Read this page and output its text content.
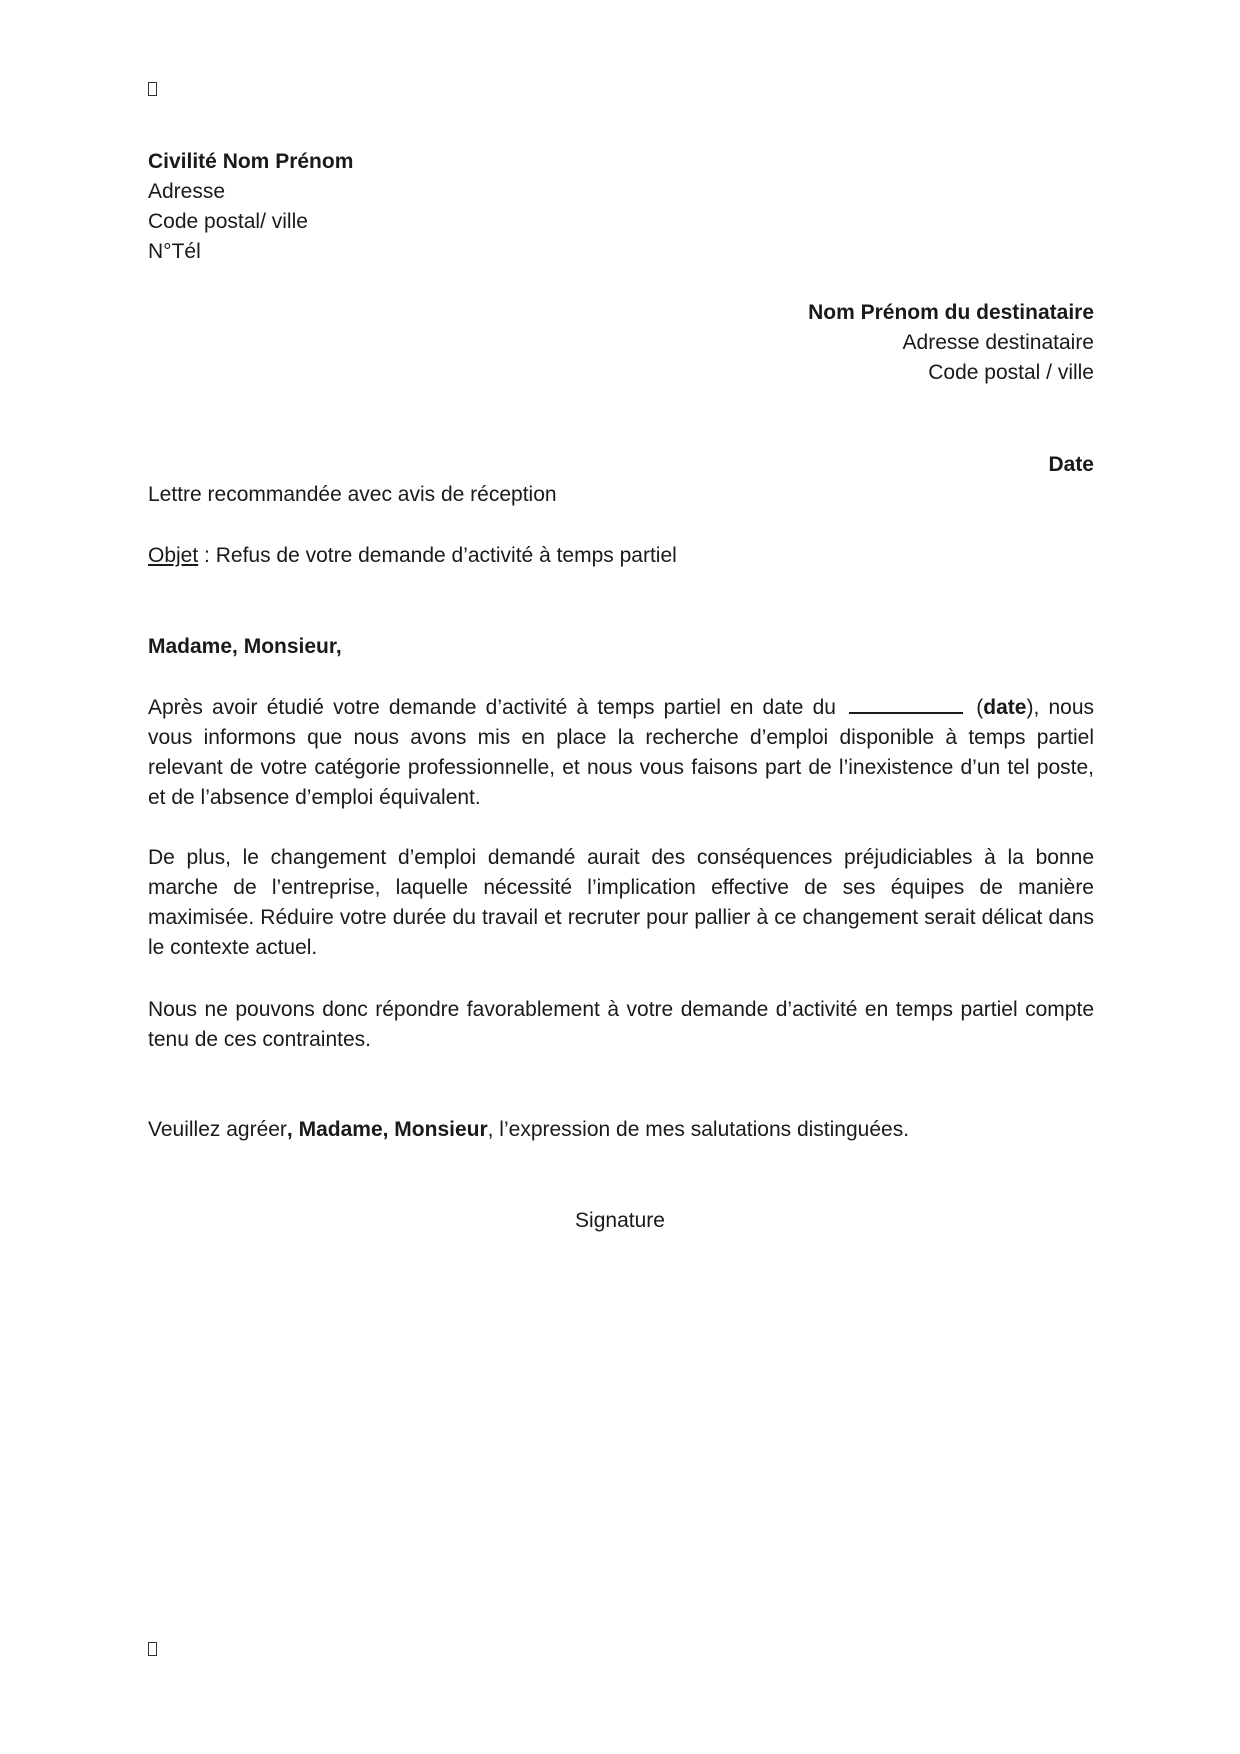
Civilité Nom Prénom
Adresse
Code postal/ ville
N°Tél
Nom Prénom du destinataire
Adresse destinataire
Code postal / ville
Date
Lettre recommandée avec avis de réception
Objet : Refus de votre demande d’activité à temps partiel
Madame, Monsieur,
Après avoir étudié votre demande d’activité à temps partiel en date du	(date), nous vous informons que nous avons mis en place la recherche d’emploi disponible à temps partiel relevant de votre catégorie professionnelle, et nous vous faisons part de l’inexistence d’un tel poste, et de l’absence d’emploi équivalent.
De plus, le changement d’emploi demandé aurait des conséquences préjudiciables à la bonne marche de l’entreprise, laquelle nécessité l’implication effective de ses équipes de manière maximisée. Réduire votre durée du travail et recruter pour pallier à ce changement serait délicat dans le contexte actuel.
Nous ne pouvons donc répondre favorablement à votre demande d’activité en temps partiel compte tenu de ces contraintes.
Veuillez agréer, Madame, Monsieur, l’expression de mes salutations distinguées.
Signature
